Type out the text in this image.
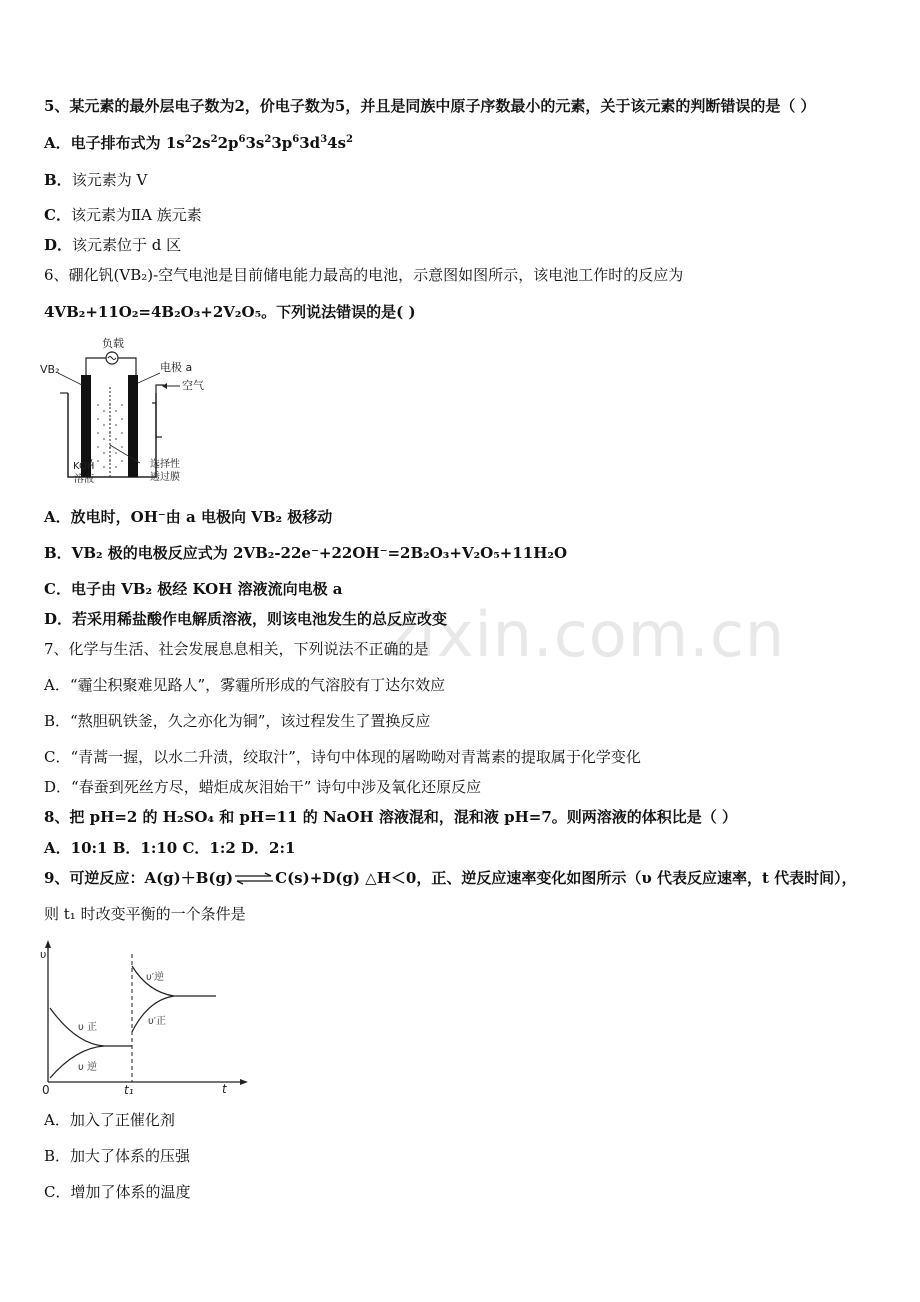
zixin.com.cn
5、某元素的最外层电子数为2，价电子数为5，并且是同族中原子序数最小的元素，关于该元素的判断错误的是（ ）
A．电子排布式为 $1s^22s^22p^63s^23p^63d^34s^2$
B．该元素为 V
C．该元素为ⅡA 族元素
D．该元素位于 d 区
6、硼化钒(VB₂)-空气电池是目前储电能力最高的电池，示意图如图所示，该电池工作时的反应为
4VB₂+11O₂=4B₂O₃+2V₂O₅。下列说法错误的是( )
负载
VB₂	电极 a
空气
KOH
溶液
选择性
透过膜
A．放电时，OH⁻由 a 电极向 VB₂ 极移动
B．VB₂ 极的电极反应式为 2VB₂-22e⁻+22OH⁻=2B₂O₃+V₂O₅+11H₂O
C．电子由 VB₂ 极经 KOH 溶液流向电极 a
D．若采用稀盐酸作电解质溶液，则该电池发生的总反应改变
7、化学与生活、社会发展息息相关，下列说法不正确的是
A．“霾尘积聚难见路人”，雾霾所形成的气溶胶有丁达尔效应
B．“熬胆矾铁釜，久之亦化为铜”，该过程发生了置换反应
C．“青蒿一握，以水二升渍，绞取汁”，诗句中体现的屠呦呦对青蒿素的提取属于化学变化
D．“春蚕到死丝方尽，蜡炬成灰泪始干” 诗句中涉及氧化还原反应
8、把 pH=2 的 H₂SO₄ 和 pH=11 的 NaOH 溶液混和，混和液 pH=7。则两溶液的体积比是（ ）
A．10:1 B．1:10 C．1:2 D．2:1
9、可逆反应：A(g)＋B(g)⇌C(s)+D(g) △H＜0，正、逆反应速率变化如图所示（υ 代表反应速率，t 代表时间），
则 t₁ 时改变平衡的一个条件是
υ
t
0	t₁
υ 正
υ 逆
υ′逆
υ′正
A．加入了正催化剂
B．加大了体系的压强
C．增加了体系的温度
